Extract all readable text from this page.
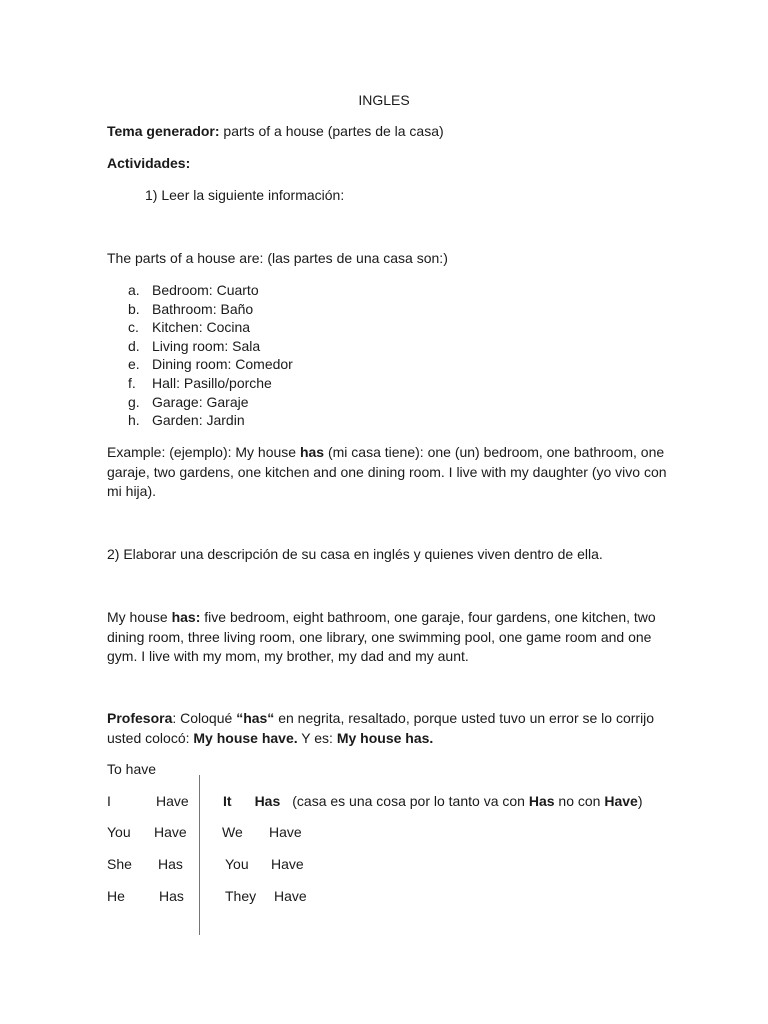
INGLES
Tema generador: parts of a house (partes de la casa)
Actividades:
1) Leer la siguiente información:
The parts of a house are: (las partes de una casa son:)
a. Bedroom: Cuarto
b. Bathroom: Baño
c. Kitchen: Cocina
d. Living room: Sala
e. Dining room: Comedor
f.	Hall: Pasillo/porche
g. Garage: Garaje
h. Garden: Jardin
Example: (ejemplo): My house has (mi casa tiene): one (un) bedroom, one bathroom, one garaje, two gardens, one kitchen and one dining room. I live with my daughter (yo vivo con mi hija).
2) Elaborar una descripción de su casa en inglés y quienes viven dentro de ella.
My house has: five bedroom, eight bathroom, one garaje, four gardens, one kitchen, two dining room, three living room, one library, one swimming pool, one game room and one gym. I live with my mom, my brother, my dad and my aunt.
Profesora: Coloqué “has“ en negrita, resaltado, porque usted tuvo un error se lo corrijo usted colocó: My house have. Y es: My house has.
To have
I	Have
You Have
She Has
He Has
It Has (casa es una cosa por lo tanto va con Has no con Have)
We Have
You Have
They Have
